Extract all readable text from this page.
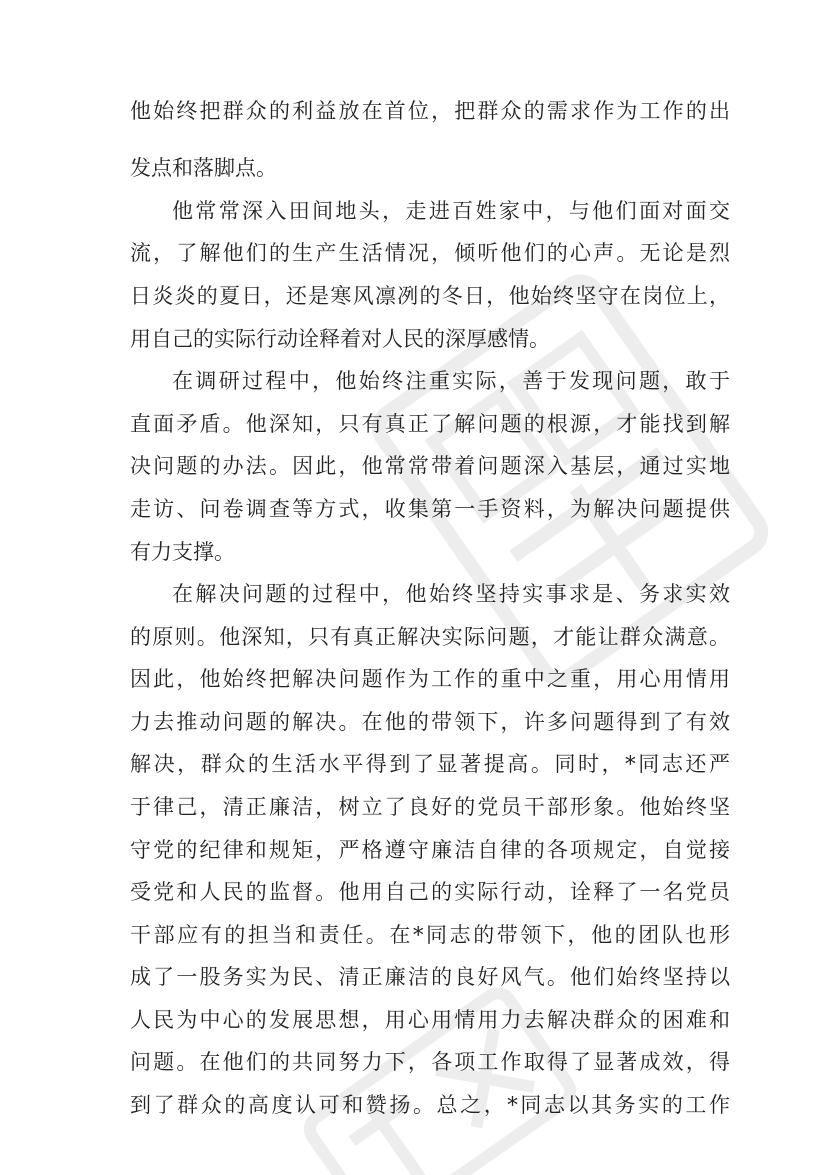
他始终把群众的利益放在首位，把群众的需求作为工作的出

发点和落脚点。

他常常深入田间地头，走进百姓家中，与他们面对面交

流，了解他们的生产生活情况，倾听他们的心声。无论是烈

日炎炎的夏日，还是寒风凛冽的冬日，他始终坚守在岗位上，

用自己的实际行动诠释着对人民的深厚感情。

在调研过程中，他始终注重实际，善于发现问题，敢于

直面矛盾。他深知，只有真正了解问题的根源，才能找到解

决问题的办法。因此，他常常带着问题深入基层，通过实地

走访、问卷调查等方式，收集第一手资料，为解决问题提供

有力支撑。

在解决问题的过程中，他始终坚持实事求是、务求实效

的原则。他深知，只有真正解决实际问题，才能让群众满意。

因此，他始终把解决问题作为工作的重中之重，用心用情用

力去推动问题的解决。在他的带领下，许多问题得到了有效

解决，群众的生活水平得到了显著提高。同时，*同志还严

于律己，清正廉洁，树立了良好的党员干部形象。他始终坚

守党的纪律和规矩，严格遵守廉洁自律的各项规定，自觉接

受党和人民的监督。他用自己的实际行动，诠释了一名党员

干部应有的担当和责任。在*同志的带领下，他的团队也形

成了一股务实为民、清正廉洁的良好风气。他们始终坚持以

人民为中心的发展思想，用心用情用力去解决群众的困难和

问题。在他们的共同努力下，各项工作取得了显著成效，得

到了群众的高度认可和赞扬。总之，*同志以其务实的工作
